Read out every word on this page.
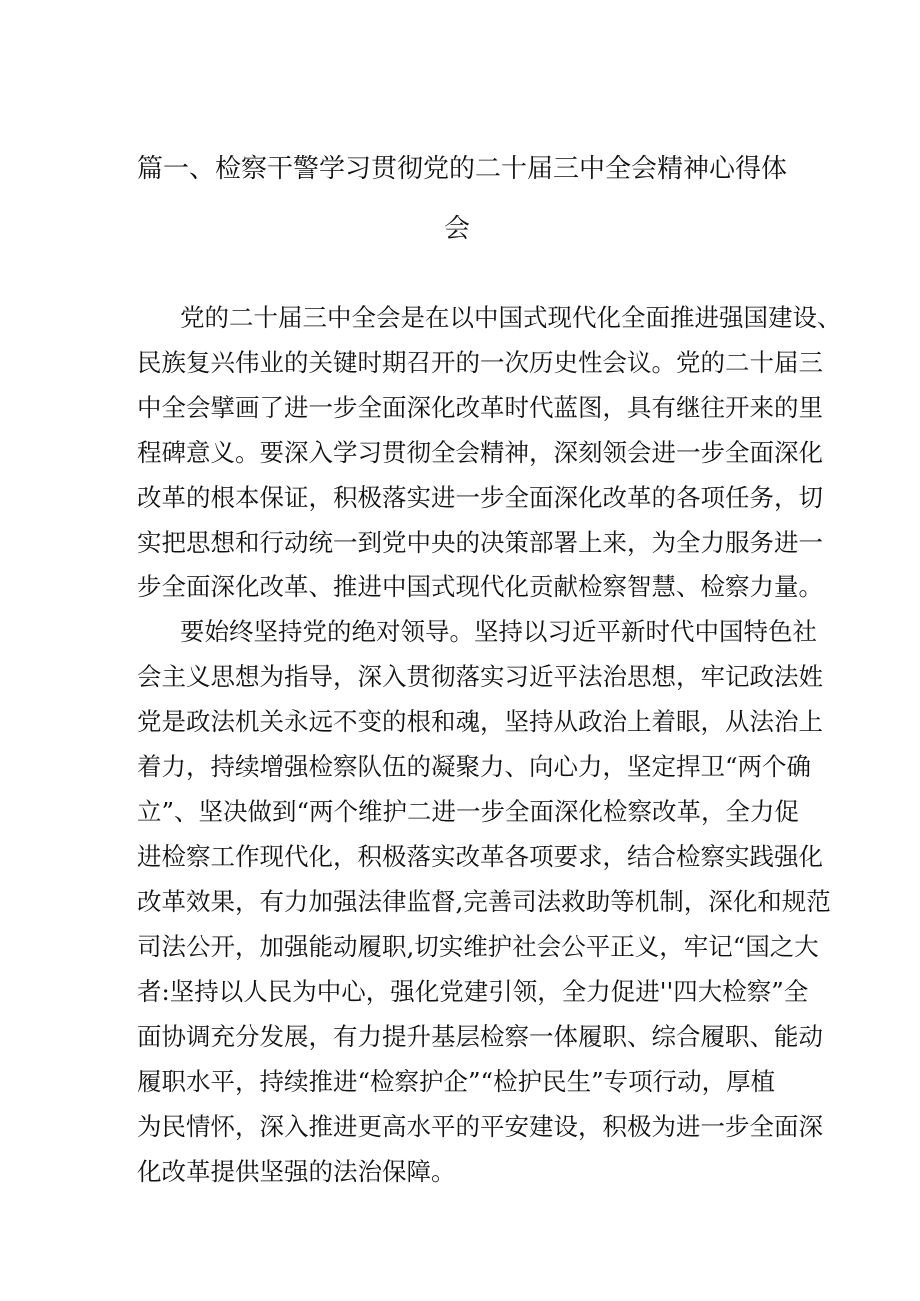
篇一、检察干警学习贯彻党的二十届三中全会精神心得体
会
党的二十届三中全会是在以中国式现代化全面推进强国建设、
民族复兴伟业的关键时期召开的一次历史性会议。党的二十届三
中全会擘画了进一步全面深化改革时代蓝图，具有继往开来的里
程碑意义。要深入学习贯彻全会精神，深刻领会进一步全面深化
改革的根本保证，积极落实进一步全面深化改革的各项任务，切
实把思想和行动统一到党中央的决策部署上来，为全力服务进一
步全面深化改革、推进中国式现代化贡献检察智慧、检察力量。
要始终坚持党的绝对领导。坚持以习近平新时代中国特色社
会主义思想为指导，深入贯彻落实习近平法治思想，牢记政法姓
党是政法机关永远不变的根和魂，坚持从政治上着眼，从法治上
着力，持续增强检察队伍的凝聚力、向心力，坚定捍卫“两个确
立”、坚决做到“两个维护二进一步全面深化检察改革，全力促
进检察工作现代化，积极落实改革各项要求，结合检察实践强化
改革效果，有力加强法律监督,完善司法救助等机制，深化和规范
司法公开，加强能动履职,切实维护社会公平正义，牢记“国之大
者:坚持以人民为中心，强化党建引领，全力促进''四大检察”全
面协调充分发展，有力提升基层检察一体履职、综合履职、能动
履职水平，持续推进“检察护企”“检护民生”专项行动，厚植
为民情怀，深入推进更高水平的平安建设，积极为进一步全面深
化改革提供坚强的法治保障。
